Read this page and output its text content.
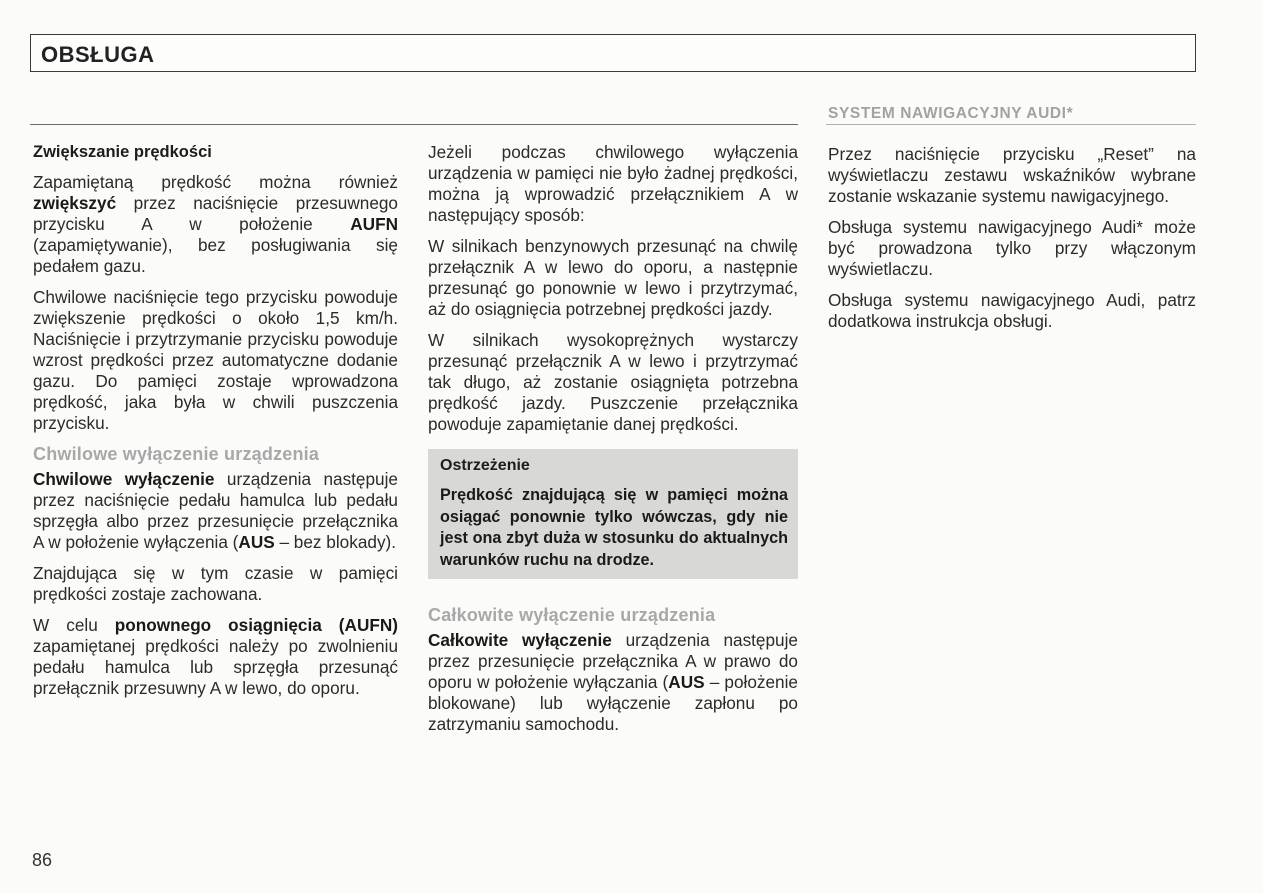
OBSŁUGA
SYSTEM NAWIGACYJNY AUDI*

Zwiększanie prędkości

Zapamiętaną prędkość można również zwiększyć przez naciśnięcie przesuwnego przycisku A w położenie AUFN (zapamiętywanie), bez posługiwania się pedałem gazu.

Chwilowe naciśnięcie tego przycisku powoduje zwiększenie prędkości o około 1,5 km/h. Naciśnięcie i przytrzymanie przycisku powoduje wzrost prędkości przez automatyczne dodanie gazu. Do pamięci zostaje wprowadzona prędkość, jaka była w chwili puszczenia przycisku.

Chwilowe wyłączenie urządzenia

Chwilowe wyłączenie urządzenia następuje przez naciśnięcie pedału hamulca lub pedału sprzęgła albo przez przesunięcie przełącznika A w położenie wyłączenia (AUS – bez blokady).

Znajdująca się w tym czasie w pamięci prędkości zostaje zachowana.

W celu ponownego osiągnięcia (AUFN) zapamiętanej prędkości należy po zwolnieniu pedału hamulca lub sprzęgła przesunąć przełącznik przesuwny A w lewo, do oporu.

Jeżeli podczas chwilowego wyłączenia urządzenia w pamięci nie było żadnej prędkości, można ją wprowadzić przełącznikiem A w następujący sposób:

W silnikach benzynowych przesunąć na chwilę przełącznik A w lewo do oporu, a następnie przesunąć go ponownie w lewo i przytrzymać, aż do osiągnięcia potrzebnej prędkości jazdy.

W silnikach wysokoprężnych wystarczy przesunąć przełącznik A w lewo i przytrzymać tak długo, aż zostanie osiągnięta potrzebna prędkość jazdy. Puszczenie przełącznika powoduje zapamiętanie danej prędkości.

Ostrzeżenie

Prędkość znajdującą się w pamięci można osiągać ponownie tylko wówczas, gdy nie jest ona zbyt duża w stosunku do aktualnych warunków ruchu na drodze.

Całkowite wyłączenie urządzenia

Całkowite wyłączenie urządzenia następuje przez przesunięcie przełącznika A w prawo do oporu w położenie wyłączania (AUS – położenie blokowane) lub wyłączenie zapłonu po zatrzymaniu samochodu.

Przez naciśnięcie przycisku „Reset” na wyświetlaczu zestawu wskaźników wybrane zostanie wskazanie systemu nawigacyjnego.

Obsługa systemu nawigacyjnego Audi* może być prowadzona tylko przy włączonym wyświetlaczu.

Obsługa systemu nawigacyjnego Audi, patrz dodatkowa instrukcja obsługi.

86
